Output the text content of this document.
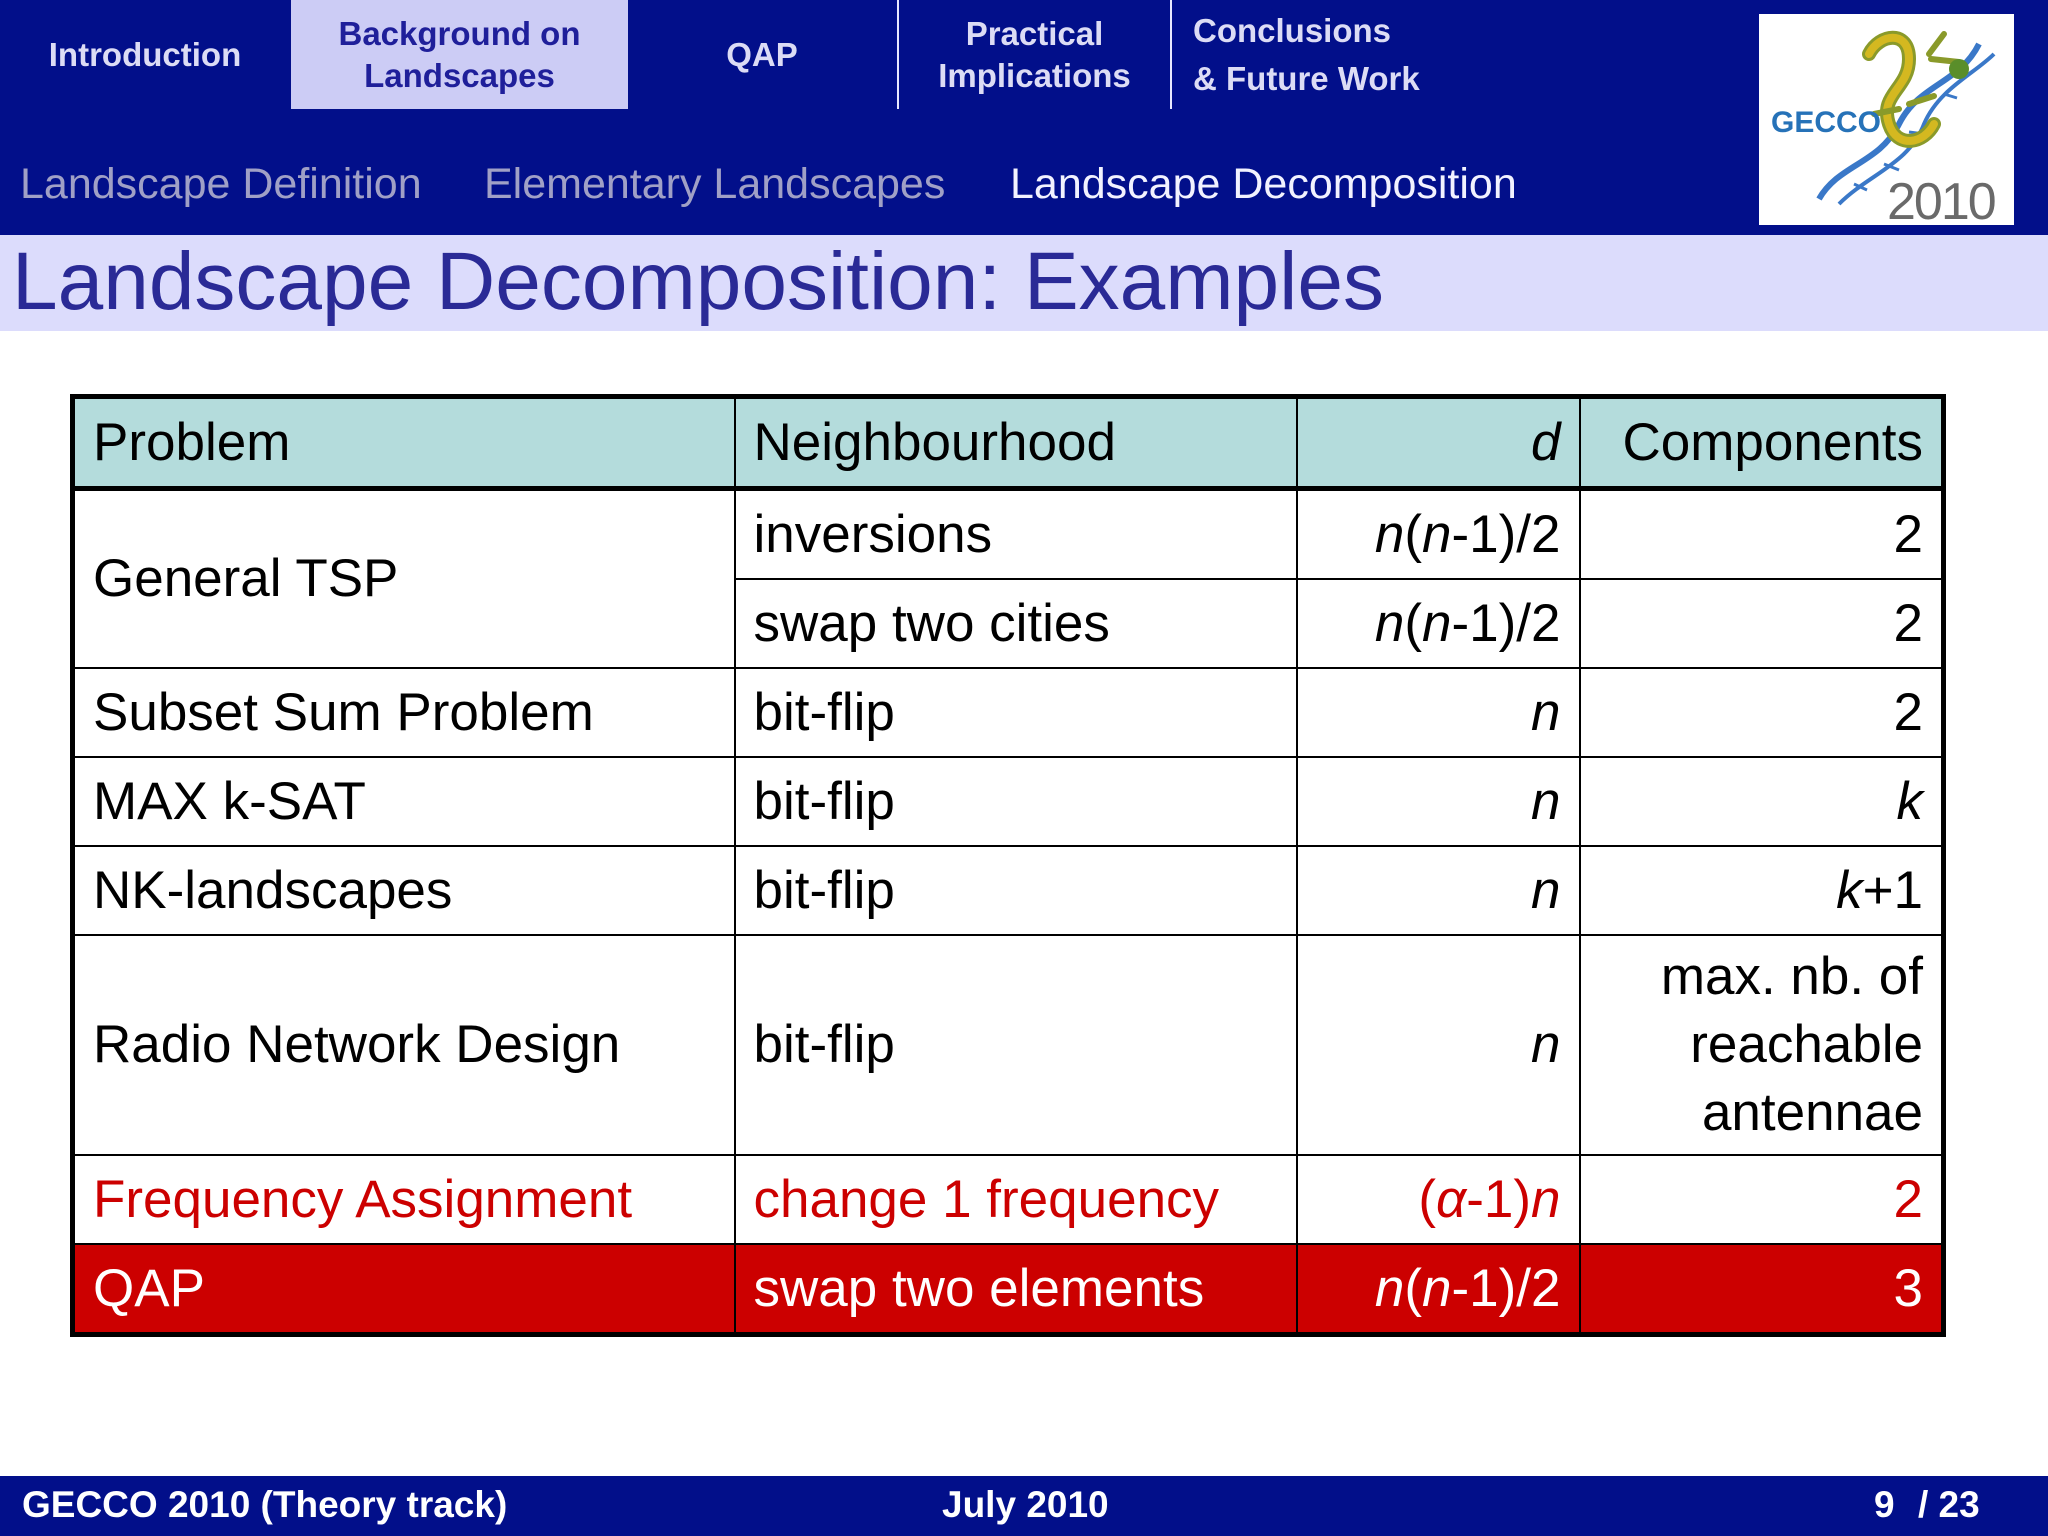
Introduction
Background on
Landscapes
QAP
Practical
Implications
Conclusions
& Future Work
Landscape Definition Elementary Landscapes Landscape Decomposition
GECCO
2010
Landscape Decomposition: Examples
Problem	Neighbourhood	d	Components
General TSP	inversions	n(n-1)/2	2
	swap two cities	n(n-1)/2	2
Subset Sum Problem	bit-flip	n	2
MAX k-SAT	bit-flip	n	k
NK-landscapes	bit-flip	n	k+1
Radio Network Design	bit-flip	n	max. nb. of reachable antennae
Frequency Assignment	change 1 frequency	(α-1)n	2
QAP	swap two elements	n(n-1)/2	3
GECCO 2010 (Theory track)	July 2010	9 / 23
